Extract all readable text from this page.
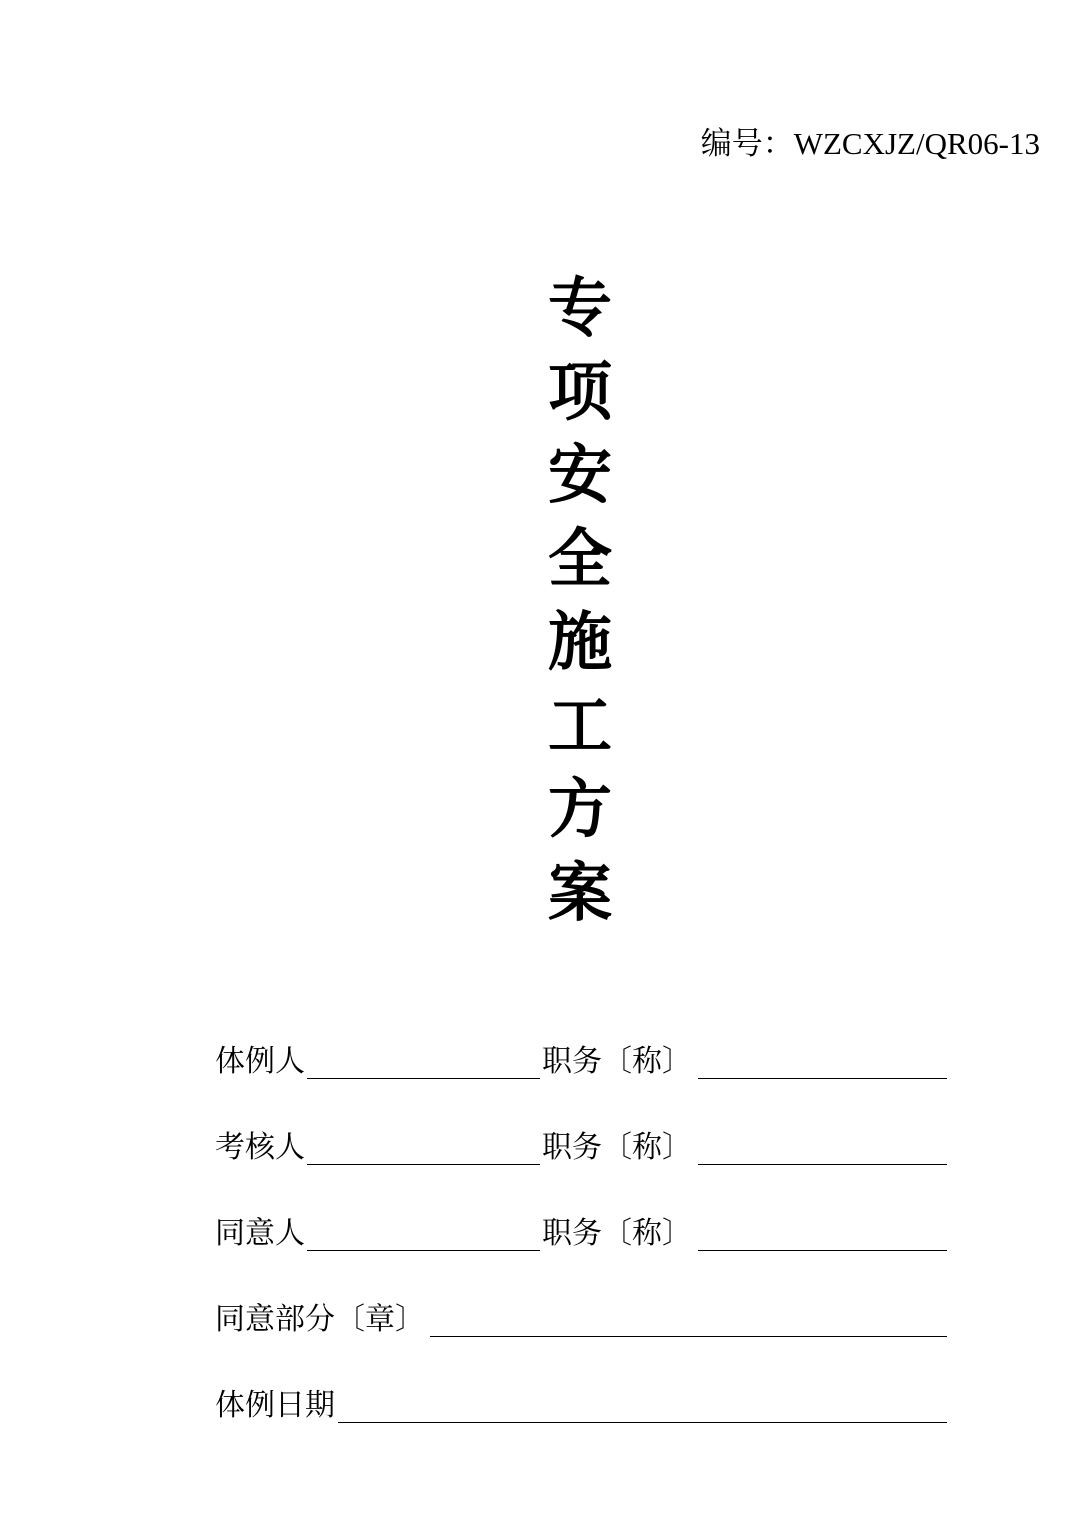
编号：WZCXJZ/QR06-13
专
项
安
全
施
工
方
案
体例人	职务〔称〕
考核人	职务〔称〕
同意人	职务〔称〕
同意部分〔章〕
体例日期
